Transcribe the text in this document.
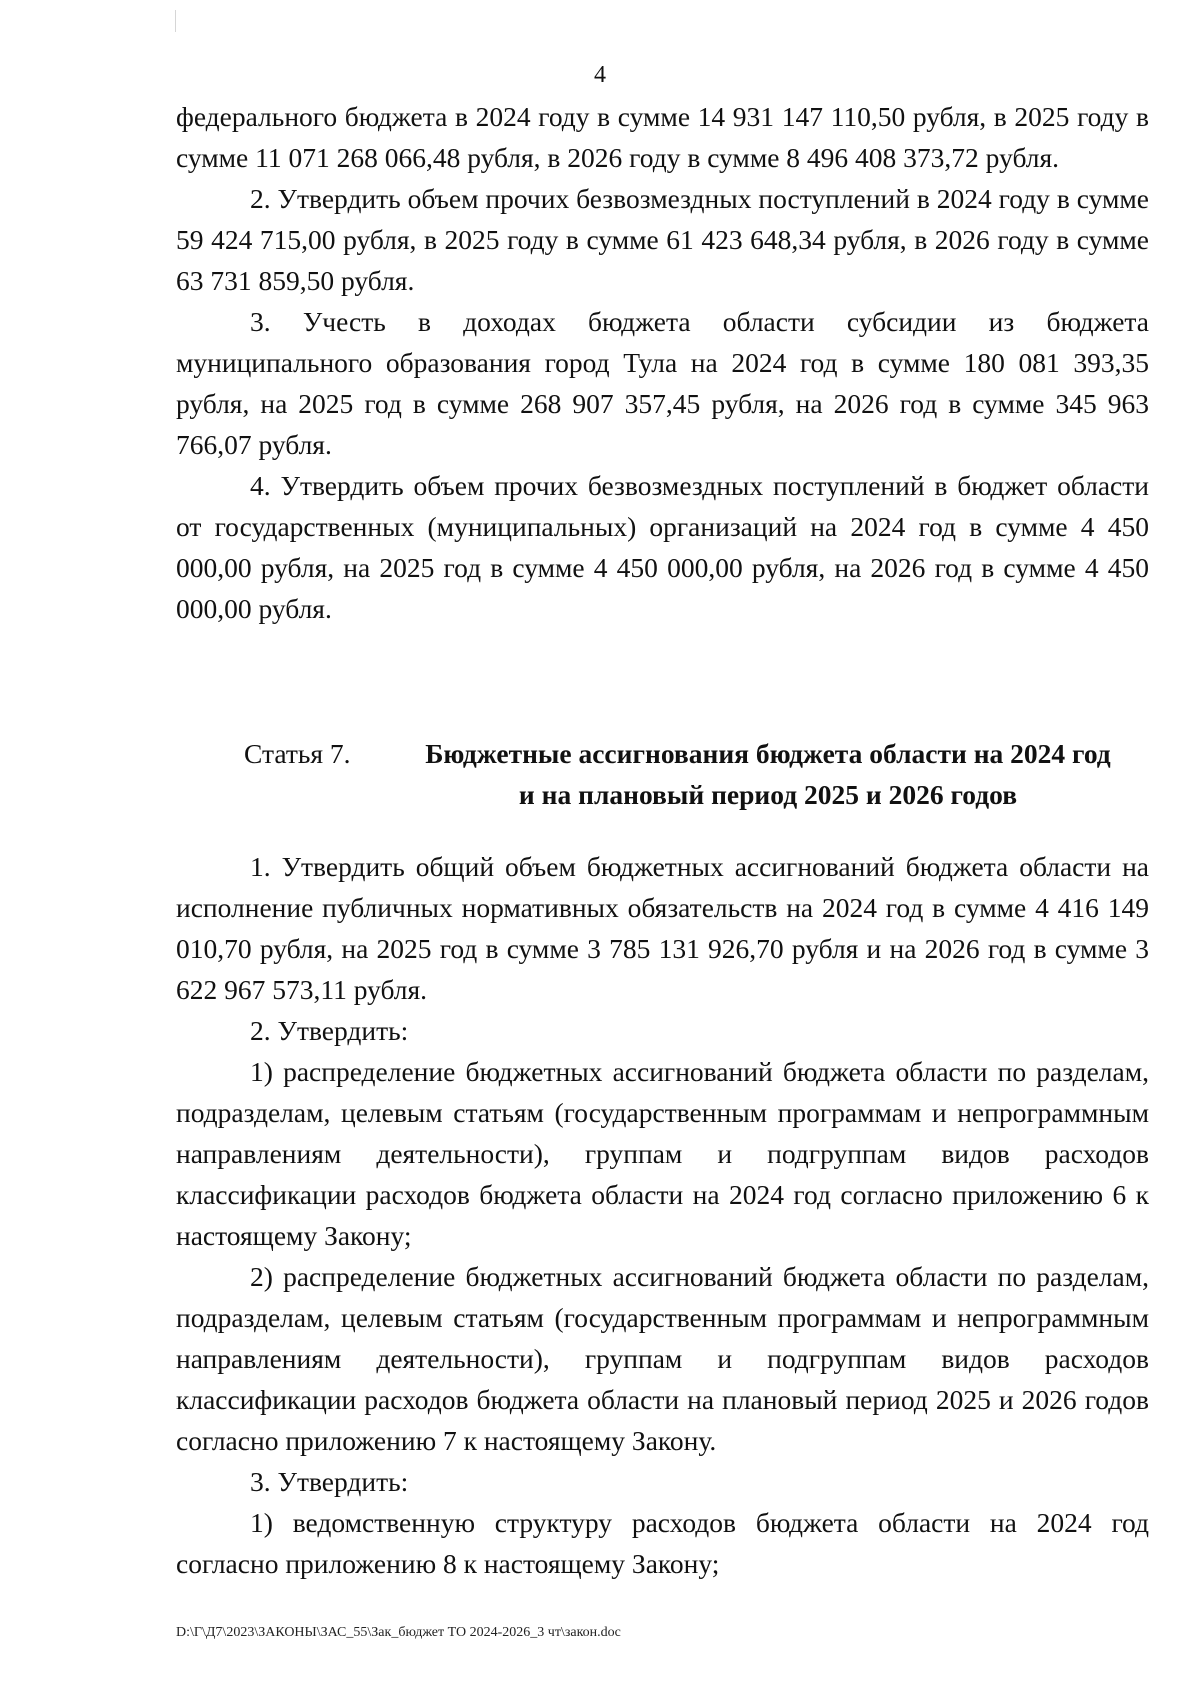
4

федерального бюджета в 2024 году в сумме 14 931 147 110,50 рубля, в 2025 году в сумме 11 071 268 066,48 рубля, в 2026 году в сумме 8 496 408 373,72 рубля.

2. Утвердить объем прочих безвозмездных поступлений в 2024 году в сумме 59 424 715,00 рубля, в 2025 году в сумме 61 423 648,34 рубля, в 2026 году в сумме 63 731 859,50 рубля.

3. Учесть в доходах бюджета области субсидии из бюджета муниципального образования город Тула на 2024 год в сумме 180 081 393,35 рубля, на 2025 год в сумме 268 907 357,45 рубля, на 2026 год в сумме 345 963 766,07 рубля.

4. Утвердить объем прочих безвозмездных поступлений в бюджет области от государственных (муниципальных) организаций на 2024 год в сумме 4 450 000,00 рубля, на 2025 год в сумме 4 450 000,00 рубля, на 2026 год в сумме 4 450 000,00 рубля.

Статья 7.	Бюджетные ассигнования бюджета области на 2024 год
и на плановый период 2025 и 2026 годов

1. Утвердить общий объем бюджетных ассигнований бюджета области на исполнение публичных нормативных обязательств на 2024 год в сумме 4 416 149 010,70 рубля, на 2025 год в сумме 3 785 131 926,70 рубля и на 2026 год в сумме 3 622 967 573,11 рубля.

2. Утвердить:

1) распределение бюджетных ассигнований бюджета области по разделам, подразделам, целевым статьям (государственным программам и непрограммным направлениям деятельности), группам и подгруппам видов расходов классификации расходов бюджета области на 2024 год согласно приложению 6 к настоящему Закону;

2) распределение бюджетных ассигнований бюджета области по разделам, подразделам, целевым статьям (государственным программам и непрограммным направлениям деятельности), группам и подгруппам видов расходов классификации расходов бюджета области на плановый период 2025 и 2026 годов согласно приложению 7 к настоящему Закону.

3. Утвердить:

1) ведомственную структуру расходов бюджета области на 2024 год согласно приложению 8 к настоящему Закону;

D:\Г\Д7\2023\ЗАКОНЫ\ЗАС_55\Зак_бюджет ТО 2024-2026_3 чт\закон.doc
